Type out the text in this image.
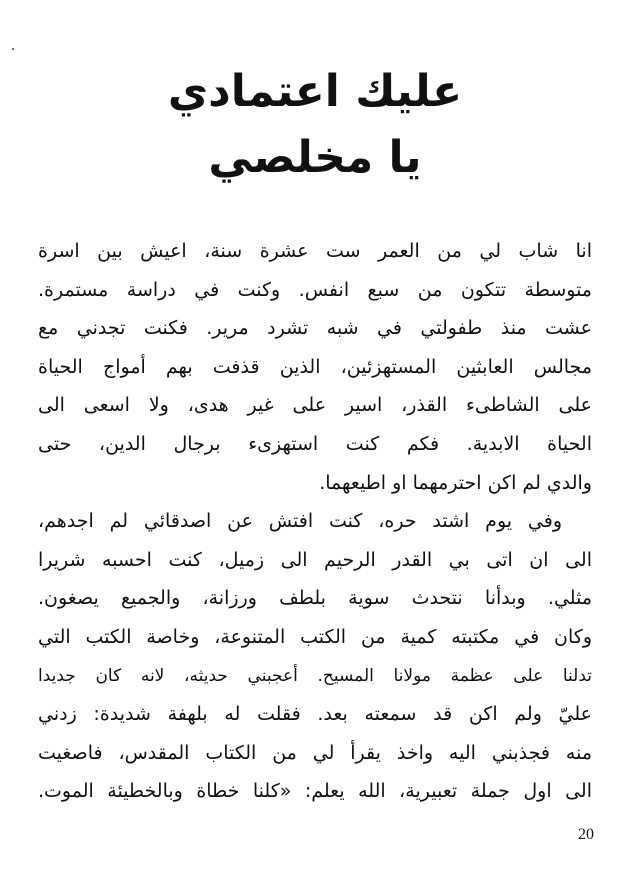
عليك اعتمادي
يا مخلصي
انا شاب لي من العمر ست عشرة سنة، اعيش بين اسرة
متوسطة تتكون من سبع انفس. وكنت في دراسة مستمرة.
عشت منذ طفولتي في شبه تشرد مرير. فكنت تجدني مع
مجالس العابثين المستهزئين، الذين قذفت بهم أمواج الحياة
على الشاطىء القذر، اسير على غير هدى، ولا اسعى الى
الحياة الابدية. فكم كنت استهزىء برجال الدين، حتى
والدي لم اكن احترمهما او اطيعهما.
وفي يوم اشتد حره، كنت افتش عن اصدقائي لم اجدهم،
الى ان اتى بي القدر الرحيم الى زميل، كنت احسبه شريرا
مثلي. وبدأنا نتحدث سوية بلطف ورزانة، والجميع يصغون.
وكان في مكتبته كمية من الكتب المتنوعة، وخاصة الكتب التي
تدلنا على عظمة مولانا المسيح. أعجبني حديثه، لانه كان جديدا
عليّ ولم اكن قد سمعته بعد. فقلت له بلهفة شديدة: زدني
منه فجذبني اليه واخذ يقرأ لي من الكتاب المقدس، فاصغيت
الى اول جملة تعبيرية، الله يعلم: «كلنا خطاة وبالخطيئة الموت.
20
